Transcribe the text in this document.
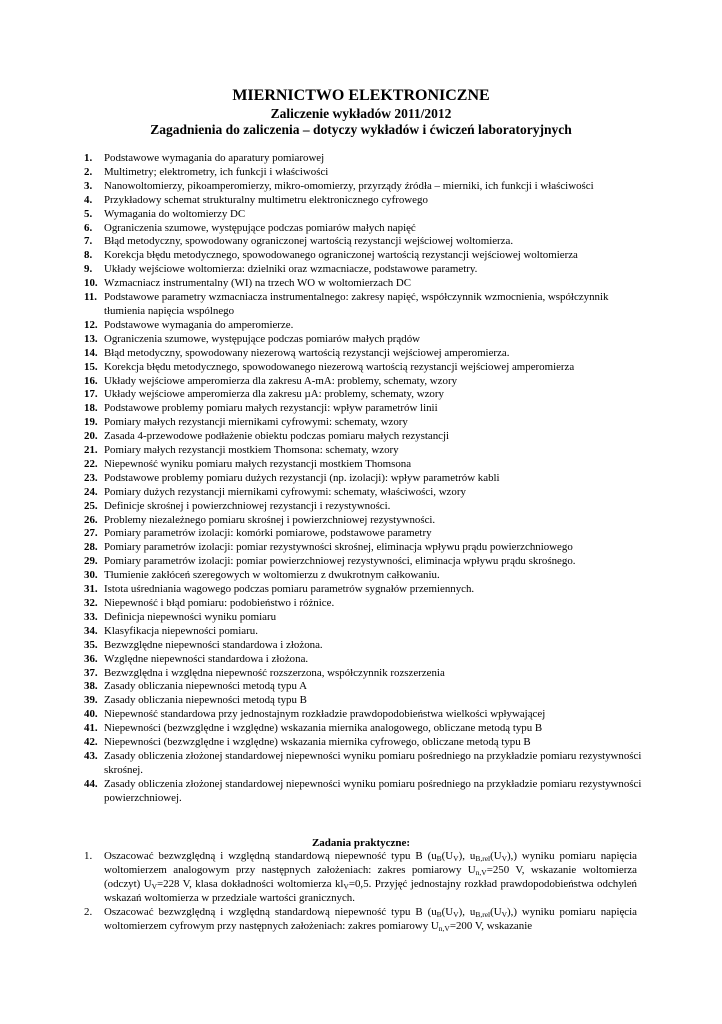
MIERNICTWO ELEKTRONICZNE
Zaliczenie wykładów 2011/2012
Zagadnienia do zaliczenia – dotyczy wykładów i ćwiczeń laboratoryjnych
1.	Podstawowe wymagania do aparatury pomiarowej
2.	Multimetry; elektrometry, ich funkcji i właściwości
3.	Nanowoltomierzy, pikoamperomierzy, mikro-omomierzy, przyrządy źródła – mierniki, ich funkcji i właściwości
4.	Przykładowy schemat strukturalny multimetru elektronicznego cyfrowego
5.	Wymagania do woltomierzy DC
6.	Ograniczenia szumowe, występujące podczas pomiarów małych napięć
7.	Błąd metodyczny, spowodowany ograniczonej wartością rezystancji wejściowej woltomierza.
8.	Korekcja błędu metodycznego, spowodowanego ograniczonej wartością rezystancji wejściowej woltomierza
9.	Układy wejściowe woltomierza: dzielniki oraz wzmacniacze, podstawowe parametry.
10. Wzmacniacz instrumentalny (WI) na trzech WO w woltomierzach DC
11. Podstawowe parametry wzmacniacza instrumentalnego: zakresy napięć, współczynnik wzmocnienia, współczynnik tłumienia napięcia wspólnego
12. Podstawowe wymagania do amperomierze.
13. Ograniczenia szumowe, występujące podczas pomiarów małych prądów
14. Błąd metodyczny, spowodowany niezerową wartością rezystancji wejściowej amperomierza.
15. Korekcja błędu metodycznego, spowodowanego niezerową wartością rezystancji wejściowej amperomierza
16. Układy wejściowe amperomierza dla zakresu A-mA: problemy, schematy, wzory
17. Układy wejściowe amperomierza dla zakresu µA: problemy, schematy, wzory
18. Podstawowe problemy pomiaru małych rezystancji: wpływ parametrów linii
19. Pomiary małych rezystancji miernikami cyfrowymi: schematy, wzory
20. Zasada 4-przewodowe podłażenie obiektu podczas pomiaru małych rezystancji
21. Pomiary małych rezystancji mostkiem Thomsona: schematy, wzory
22. Niepewność wyniku pomiaru małych rezystancji mostkiem Thomsona
23. Podstawowe problemy pomiaru dużych rezystancji (np. izolacji): wpływ parametrów kabli
24. Pomiary dużych rezystancji miernikami cyfrowymi: schematy, właściwości, wzory
25. Definicje skrośnej i powierzchniowej rezystancji i rezystywności.
26. Problemy niezależnego pomiaru skrośnej i powierzchniowej rezystywności.
27. Pomiary parametrów izolacji: komórki pomiarowe, podstawowe parametry
28. Pomiary parametrów izolacji: pomiar rezystywności skrośnej, eliminacja wpływu prądu powierzchniowego
29. Pomiary parametrów izolacji: pomiar powierzchniowej rezystywności, eliminacja wpływu prądu skrośnego.
30. Tłumienie zakłóceń szeregowych w woltomierzu z dwukrotnym całkowaniu.
31. Istota uśredniania wagowego podczas pomiaru parametrów sygnałów przemiennych.
32. Niepewność i błąd pomiaru: podobieństwo i różnice.
33. Definicja niepewności wyniku pomiaru
34. Klasyfikacja niepewności pomiaru.
35. Bezwzględne niepewności standardowa i złożona.
36. Względne niepewności standardowa i złożona.
37. Bezwzględna i względna niepewność rozszerzona, współczynnik rozszerzenia
38. Zasady obliczania niepewności metodą typu A
39. Zasady obliczania niepewności metodą typu B
40. Niepewność standardowa przy jednostajnym rozkładzie prawdopodobieństwa wielkości wpływającej
41. Niepewności (bezwzględne i względne) wskazania miernika analogowego, obliczane metodą typu B
42. Niepewności (bezwzględne i względne) wskazania miernika cyfrowego, obliczane metodą typu B
43. Zasady obliczenia złożonej standardowej niepewności wyniku pomiaru pośredniego na przykładzie pomiaru rezystywności skrośnej.
44. Zasady obliczenia złożonej standardowej niepewności wyniku pomiaru pośredniego na przykładzie pomiaru rezystywności powierzchniowej.
Zadania praktyczne:
1. Oszacować bezwzględną i względną standardową niepewność typu B ($u_B(U_V)$, $u_{B,rel}(U_V)$,) wyniku pomiaru napięcia woltomierzem analogowym przy następnych założeniach: zakres pomiarowy $U_{n,V}=250$ V, wskazanie woltomierza (odczyt) $U_V=228$ V, klasa dokładności woltomierza $kl_V=0,5$. Przyjęć jednostajny rozkład prawdopodobieństwa odchyleń wskazań woltomierza w przedziale wartości granicznych.
2. Oszacować bezwzględną i względną standardową niepewność typu B ($u_B(U_V)$, $u_{B,rel}(U_V)$,) wyniku pomiaru napięcia woltomierzem cyfrowym przy następnych założeniach: zakres pomiarowy $U_{n,V}=200$ V, wskazanie
